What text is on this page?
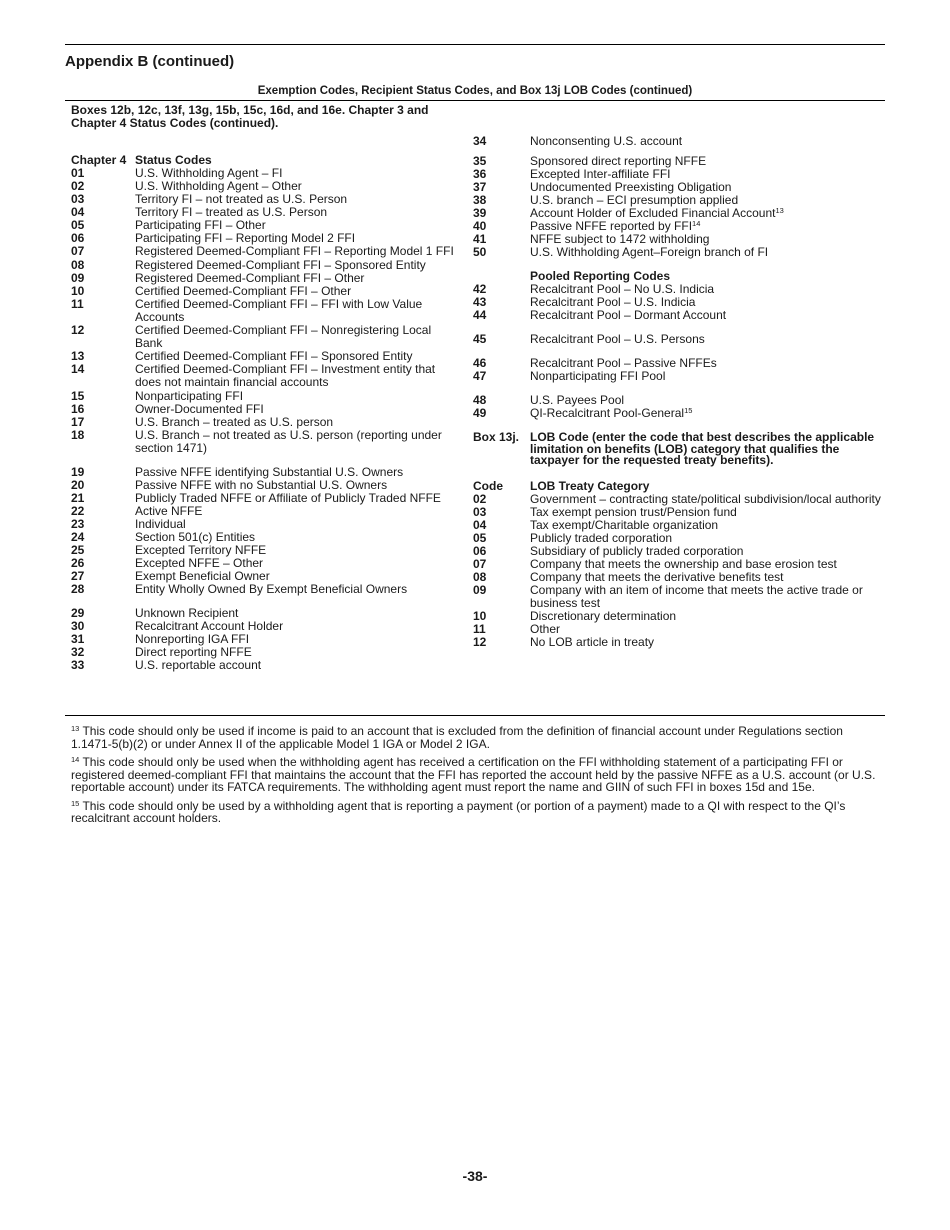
Appendix B (continued)
Exemption Codes, Recipient Status Codes, and Box 13j LOB Codes (continued)
Boxes 12b, 12c, 13f, 13g, 15b, 15c, 16d, and 16e. Chapter 3 and
Chapter 4 Status Codes (continued).
Chapter 4 Status Codes
01	U.S. Withholding Agent – FI
02	U.S. Withholding Agent – Other
03	Territory FI – not treated as U.S. Person
04	Territory FI – treated as U.S. Person
05	Participating FFI – Other
06	Participating FFI – Reporting Model 2 FFI
07	Registered Deemed-Compliant FFI – Reporting Model 1 FFI
08	Registered Deemed-Compliant FFI – Sponsored Entity
09	Registered Deemed-Compliant FFI – Other
10	Certified Deemed-Compliant FFI – Other
11	Certified Deemed-Compliant FFI – FFI with Low Value Accounts
12	Certified Deemed-Compliant FFI – Nonregistering Local Bank
13	Certified Deemed-Compliant FFI – Sponsored Entity
14	Certified Deemed-Compliant FFI – Investment entity that does not maintain financial accounts
15	Nonparticipating FFI
16	Owner-Documented FFI
17	U.S. Branch – treated as U.S. person
18	U.S. Branch – not treated as U.S. person (reporting under section 1471)
19	Passive NFFE identifying Substantial U.S. Owners
20	Passive NFFE with no Substantial U.S. Owners
21	Publicly Traded NFFE or Affiliate of Publicly Traded NFFE
22	Active NFFE
23	Individual
24	Section 501(c) Entities
25	Excepted Territory NFFE
26	Excepted NFFE – Other
27	Exempt Beneficial Owner
28	Entity Wholly Owned By Exempt Beneficial Owners
29	Unknown Recipient
30	Recalcitrant Account Holder
31	Nonreporting IGA FFI
32	Direct reporting NFFE
33	U.S. reportable account
34	Nonconsenting U.S. account
35	Sponsored direct reporting NFFE
36	Excepted Inter-affiliate FFI
37	Undocumented Preexisting Obligation
38	U.S. branch – ECI presumption applied
39	Account Holder of Excluded Financial Account$^{13}$
40	Passive NFFE reported by FFI$^{14}$
41	NFFE subject to 1472 withholding
50	U.S. Withholding Agent–Foreign branch of FI
Pooled Reporting Codes
42	Recalcitrant Pool – No U.S. Indicia
43	Recalcitrant Pool – U.S. Indicia
44	Recalcitrant Pool – Dormant Account
45	Recalcitrant Pool – U.S. Persons
46	Recalcitrant Pool – Passive NFFEs
47	Nonparticipating FFI Pool
48	U.S. Payees Pool
49	QI-Recalcitrant Pool-General$^{15}$
Box 13j. LOB Code (enter the code that best describes the applicable limitation on benefits (LOB) category that qualifies the taxpayer for the requested treaty benefits).
Code	LOB Treaty Category
02	Government – contracting state/political subdivision/local authority
03	Tax exempt pension trust/Pension fund
04	Tax exempt/Charitable organization
05	Publicly traded corporation
06	Subsidiary of publicly traded corporation
07	Company that meets the ownership and base erosion test
08	Company that meets the derivative benefits test
09	Company with an item of income that meets the active trade or business test
10	Discretionary determination
11	Other
12	No LOB article in treaty

$^{13}$ This code should only be used if income is paid to an account that is excluded from the definition of financial account under Regulations section 1.1471-5(b)(2) or under Annex II of the applicable Model 1 IGA or Model 2 IGA.

$^{14}$ This code should only be used when the withholding agent has received a certification on the FFI withholding statement of a participating FFI or registered deemed-compliant FFI that maintains the account that the FFI has reported the account held by the passive NFFE as a U.S. account (or U.S. reportable account) under its FATCA requirements. The withholding agent must report the name and GIIN of such FFI in boxes 15d and 15e.

$^{15}$ This code should only be used by a withholding agent that is reporting a payment (or portion of a payment) made to a QI with respect to the QI’s recalcitrant account holders.

-38-
